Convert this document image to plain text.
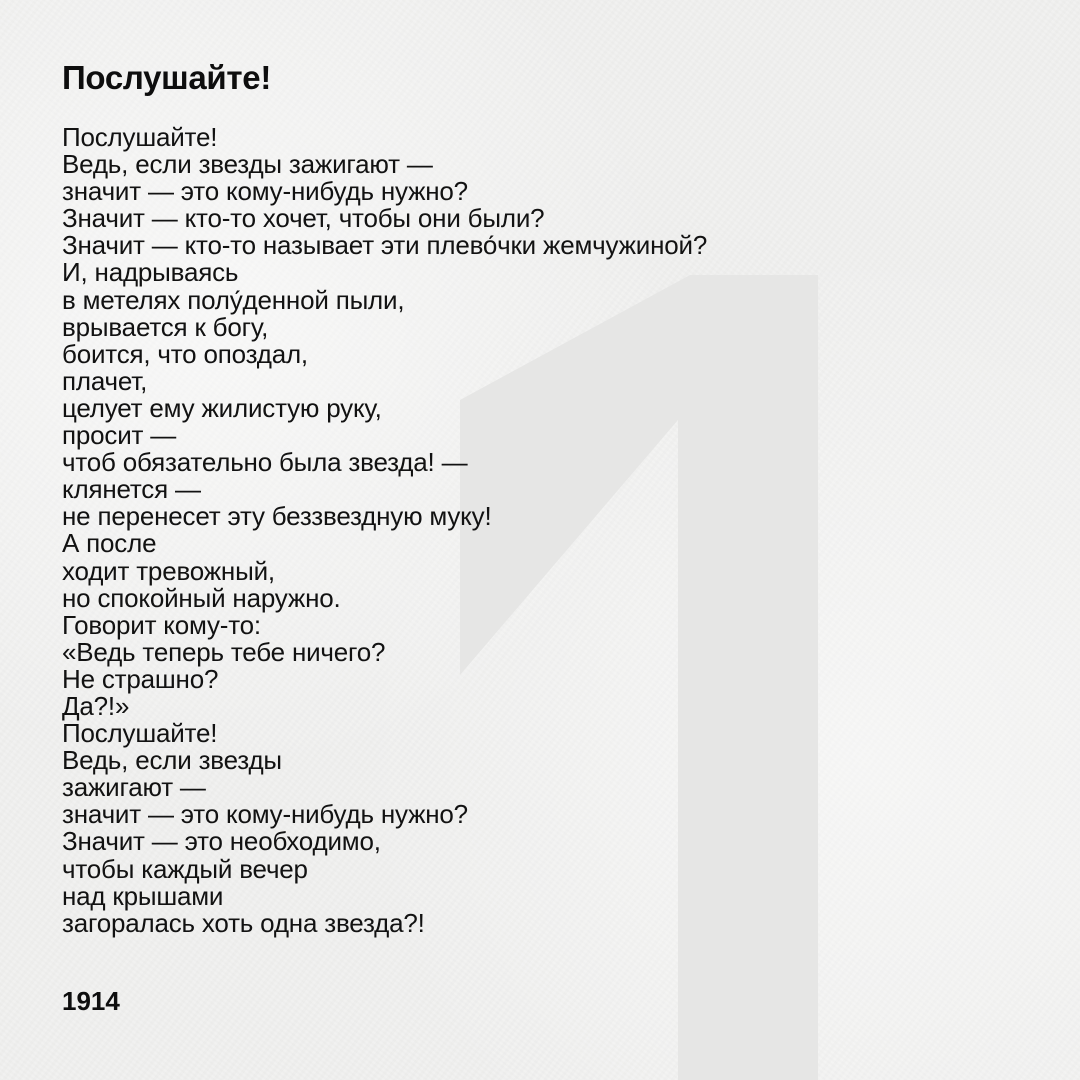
Послушайте!
Послушайте!
Ведь, если звезды зажигают —
значит — это кому-нибудь нужно?
Значит — кто-то хочет, чтобы они были?
Значит — кто-то называет эти плево́чки жемчужиной?
И, надрываясь
в метелях полу́денной пыли,
врывается к богу,
боится, что опоздал,
плачет,
целует ему жилистую руку,
просит —
чтоб обязательно была звезда! —
клянется —
не перенесет эту беззвездную муку!
А после
ходит тревожный,
но спокойный наружно.
Говорит кому-то:
«Ведь теперь тебе ничего?
Не страшно?
Да?!»
Послушайте!
Ведь, если звезды
зажигают —
значит — это кому-нибудь нужно?
Значит — это необходимо,
чтобы каждый вечер
над крышами
загоралась хоть одна звезда?!

1914
